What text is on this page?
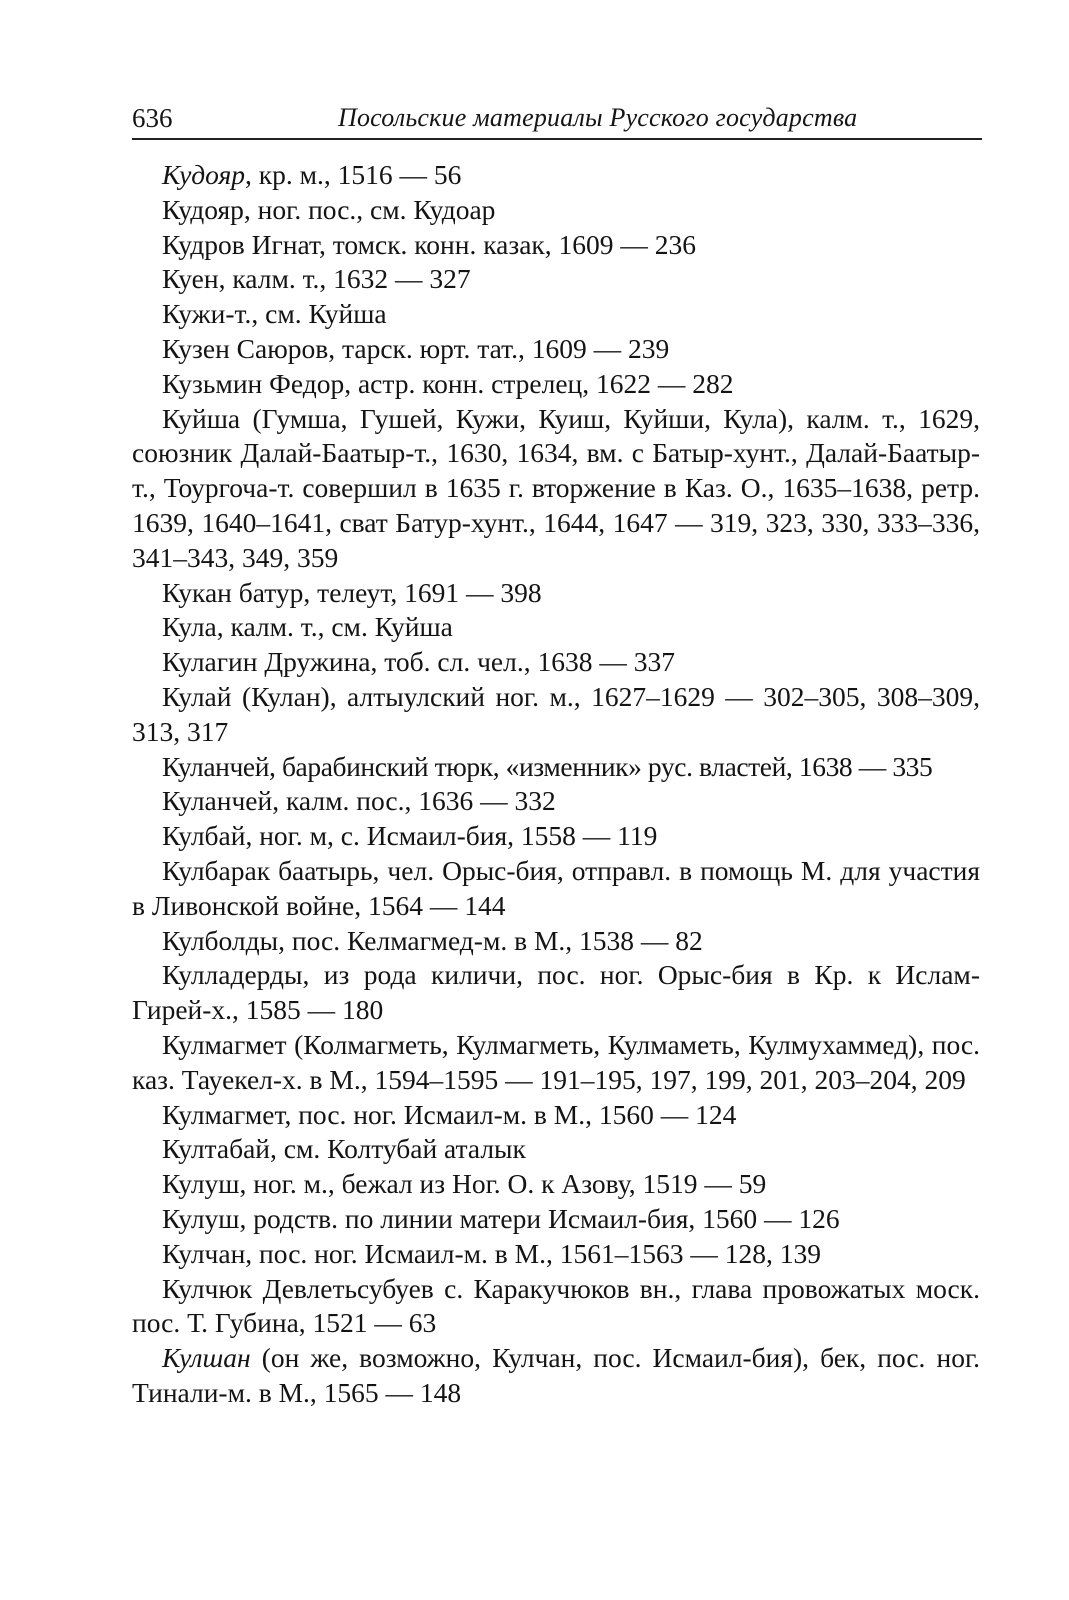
636	Посольские материалы Русского государства

Кудояр, кр. м., 1516 — 56

Кудояр, ног. пос., см. Кудоар

Кудров Игнат, томск. конн. казак, 1609 — 236

Куен, калм. т., 1632 — 327

Кужи-т., см. Куйша

Кузен Саюров, тарск. юрт. тат., 1609 — 239

Кузьмин Федор, астр. конн. стрелец, 1622 — 282

Куйша (Гумша, Гушей, Кужи, Куиш, Куйши, Кула), калм. т., 1629, союзник Далай-Баатыр-т., 1630, 1634, вм. с Батыр-хунт., Далай-Баатыр-т., Тоургоча-т. совершил в 1635 г. вторжение в Каз. О., 1635–1638, ретр. 1639, 1640–1641, сват Батур-хунт., 1644, 1647 — 319, 323, 330, 333–336, 341–343, 349, 359

Кукан батур, телеут, 1691 — 398

Кула, калм. т., см. Куйша

Кулагин Дружина, тоб. сл. чел., 1638 — 337

Кулай (Кулан), алтыулский ног. м., 1627–1629 — 302–305, 308–309, 313, 317

Куланчей, барабинский тюрк, «изменник» рус. властей, 1638 — 335

Куланчей, калм. пос., 1636 — 332

Кулбай, ног. м, с. Исмаил-бия, 1558 — 119

Кулбарак баатырь, чел. Орыс-бия, отправл. в помощь М. для участия в Ливонской войне, 1564 — 144

Кулболды, пос. Келмагмед-м. в М., 1538 — 82

Кулладерды, из рода киличи, пос. ног. Орыс-бия в Кр. к Ислам-Гирей-х., 1585 — 180

Кулмагмет (Колмагметь, Кулмагметь, Кулмаметь, Кулмухаммед), пос. каз. Тауекел-х. в М., 1594–1595 — 191–195, 197, 199, 201, 203–204, 209

Кулмагмет, пос. ног. Исмаил-м. в М., 1560 — 124

Култабай, см. Колтубай аталык

Кулуш, ног. м., бежал из Ног. О. к Азову, 1519 — 59

Кулуш, родств. по линии матери Исмаил-бия, 1560 — 126

Кулчан, пос. ног. Исмаил-м. в М., 1561–1563 — 128, 139

Кулчюк Девлетьсубуев с. Каракучюков вн., глава провожатых моск. пос. Т. Губина, 1521 — 63

Кулшан (он же, возможно, Кулчан, пос. Исмаил-бия), бек, пос. ног. Тинали-м. в М., 1565 — 148
